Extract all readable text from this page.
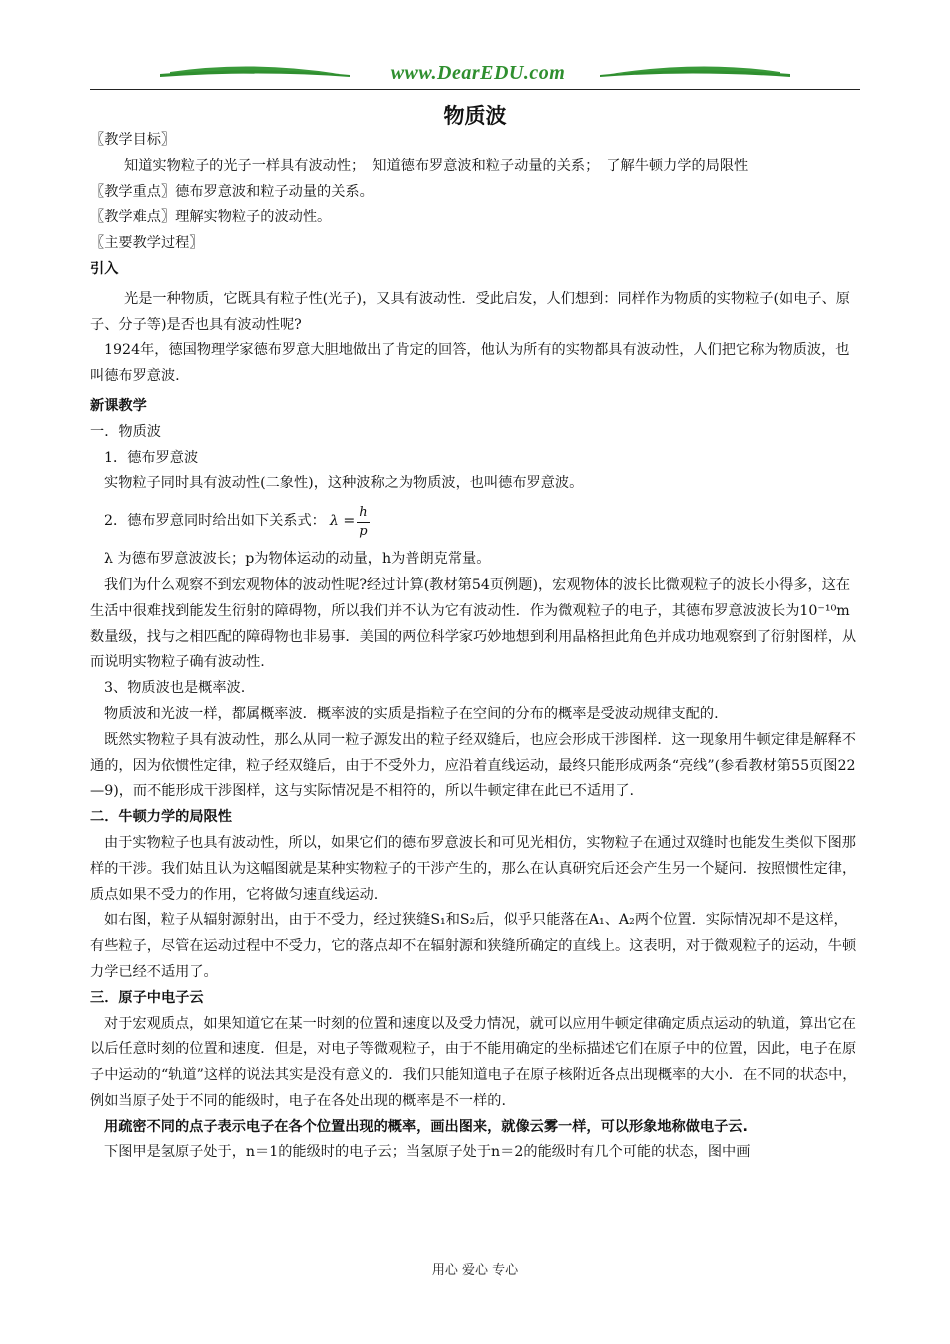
www.DearEDU.com
物质波

〖教学目标〗

知道实物粒子的光子一样具有波动性；　知道德布罗意波和粒子动量的关系；　了解牛顿力学的局限性

〖教学重点〗德布罗意波和粒子动量的关系。

〖教学难点〗理解实物粒子的波动性。

〖主要教学过程〗

引入

光是一种物质，它既具有粒子性(光子)，又具有波动性．受此启发，人们想到：同样作为物质的实物粒子(如电子、原子、分子等)是否也具有波动性呢?

1924年，德国物理学家德布罗意大胆地做出了肯定的回答，他认为所有的实物都具有波动性，人们把它称为物质波，也叫德布罗意波.

新课教学

一．物质波

1．德布罗意波

实物粒子同时具有波动性(二象性)，这种波称之为物质波，也叫德布罗意波。

2．德布罗意同时给出如下关系式： $\lambda = \frac{h}{p}$

λ 为德布罗意波波长；p为物体运动的动量，h为普朗克常量。

我们为什么观察不到宏观物体的波动性呢?经过计算(教材第54页例题)，宏观物体的波长比微观粒子的波长小得多，这在生活中很难找到能发生衍射的障碍物，所以我们并不认为它有波动性．作为微观粒子的电子，其德布罗意波波长为10⁻¹⁰m数量级，找与之相匹配的障碍物也非易事．美国的两位科学家巧妙地想到利用晶格担此角色并成功地观察到了衍射图样，从而说明实物粒子确有波动性.

3、物质波也是概率波.

物质波和光波一样，都属概率波．概率波的实质是指粒子在空间的分布的概率是受波动规律支配的.

既然实物粒子具有波动性，那么从同一粒子源发出的粒子经双缝后，也应会形成干涉图样．这一现象用牛顿定律是解释不通的，因为依惯性定律，粒子经双缝后，由于不受外力，应沿着直线运动，最终只能形成两条“亮线”(参看教材第55页图22—9)，而不能形成干涉图样，这与实际情况是不相符的，所以牛顿定律在此已不适用了.

二．牛顿力学的局限性

由于实物粒子也具有波动性，所以，如果它们的德布罗意波长和可见光相仿，实物粒子在通过双缝时也能发生类似下图那样的干涉。我们姑且认为这幅图就是某种实物粒子的干涉产生的，那么在认真研究后还会产生另一个疑问．按照惯性定律，质点如果不受力的作用，它将做匀速直线运动.

如右图，粒子从辐射源射出，由于不受力，经过狭缝S₁和S₂后，似乎只能落在A₁、A₂两个位置．实际情况却不是这样，有些粒子，尽管在运动过程中不受力，它的落点却不在辐射源和狭缝所确定的直线上。这表明，对于微观粒子的运动，牛顿力学已经不适用了。

三．原子中电子云

对于宏观质点，如果知道它在某一时刻的位置和速度以及受力情况，就可以应用牛顿定律确定质点运动的轨道，算出它在以后任意时刻的位置和速度．但是，对电子等微观粒子，由于不能用确定的坐标描述它们在原子中的位置，因此，电子在原子中运动的“轨道”这样的说法其实是没有意义的．我们只能知道电子在原子核附近各点出现概率的大小．在不同的状态中，例如当原子处于不同的能级时，电子在各处出现的概率是不一样的.

用疏密不同的点子表示电子在各个位置出现的概率，画出图来，就像云雾一样，可以形象地称做电子云.

下图甲是氢原子处于，n＝1的能级时的电子云；当氢原子处于n＝2的能级时有几个可能的状态，图中画

用心 爱心 专心
